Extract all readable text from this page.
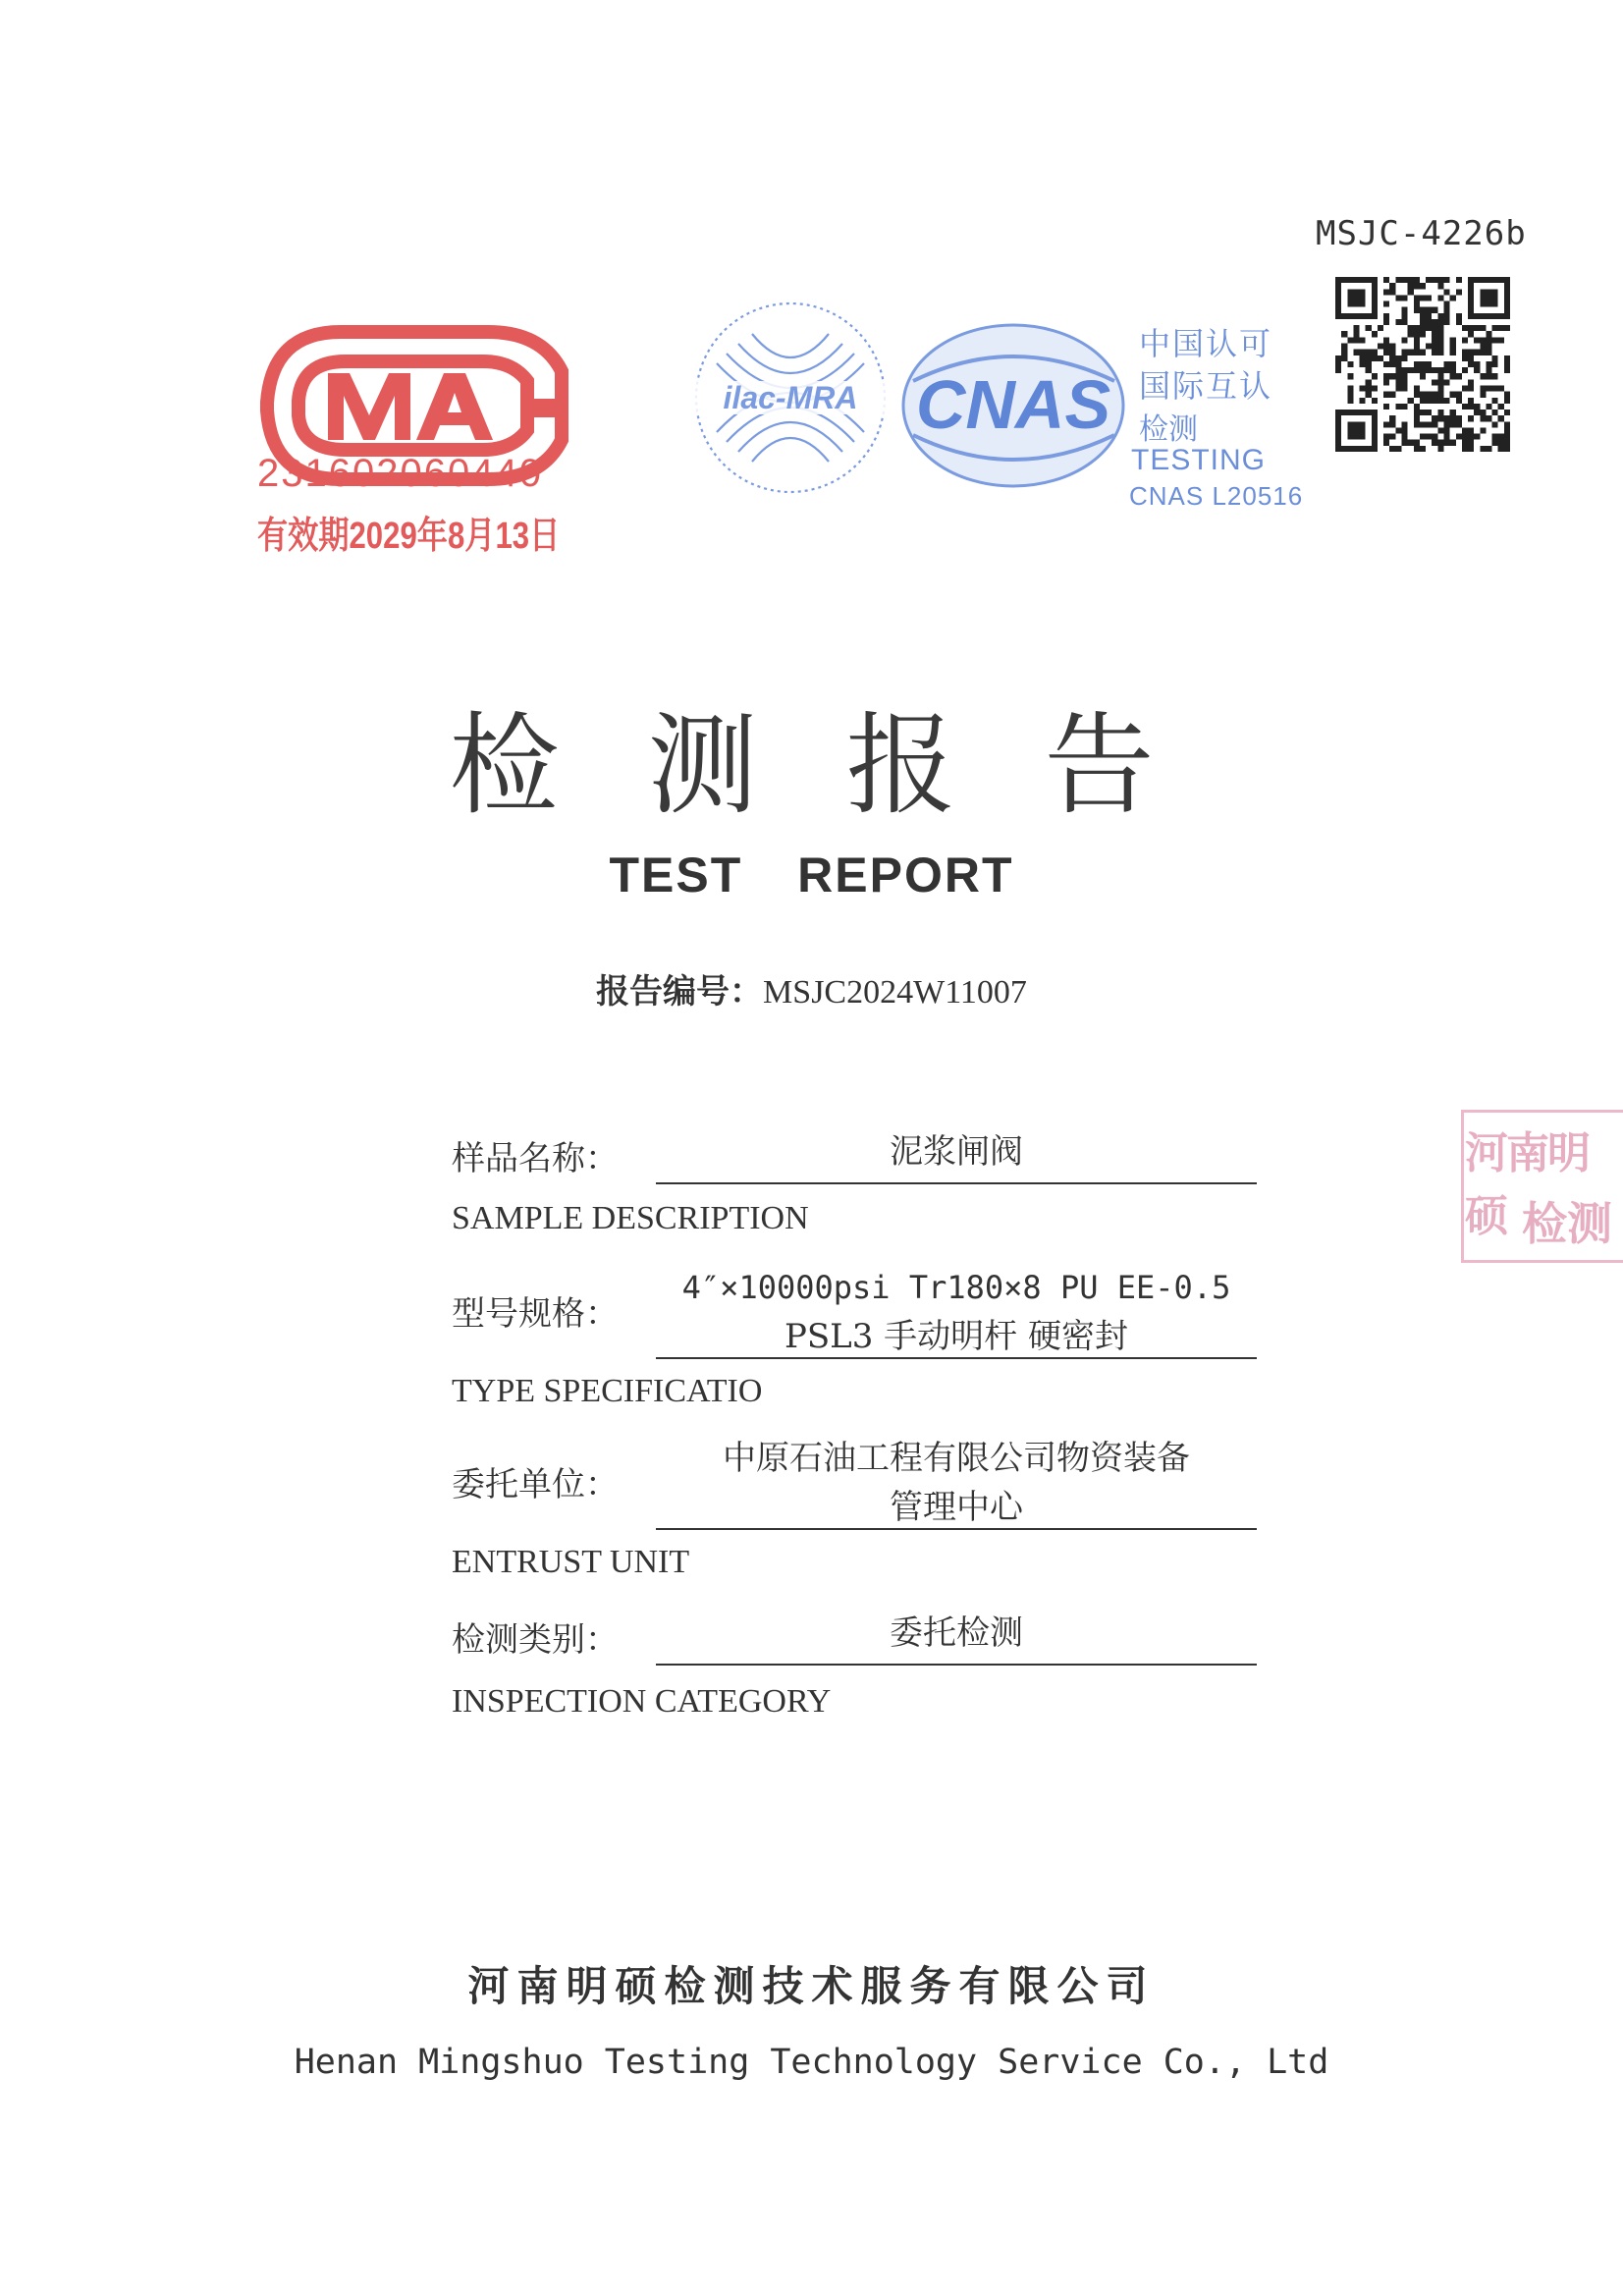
MSJC-4226b
231602060440
有效期2029年8月13日
ilac-MRA CNAS
中国认可
国际互认
检测
TESTING
CNAS L20516
检测报告
TEST REPORT
报告编号：MSJC2024W11007
河南明硕 检测
样品名称：	泥浆闸阀
SAMPLE DESCRIPTION
型号规格：
4″×10000psi Tr180×8 PU EE-0.5
PSL3 手动明杆 硬密封
TYPE SPECIFICATIO
委托单位：
中原石油工程有限公司物资装备
管理中心
ENTRUST UNIT
检测类别：	委托检测
INSPECTION CATEGORY
河南明硕检测技术服务有限公司
Henan Mingshuo Testing Technology Service Co., Ltd
